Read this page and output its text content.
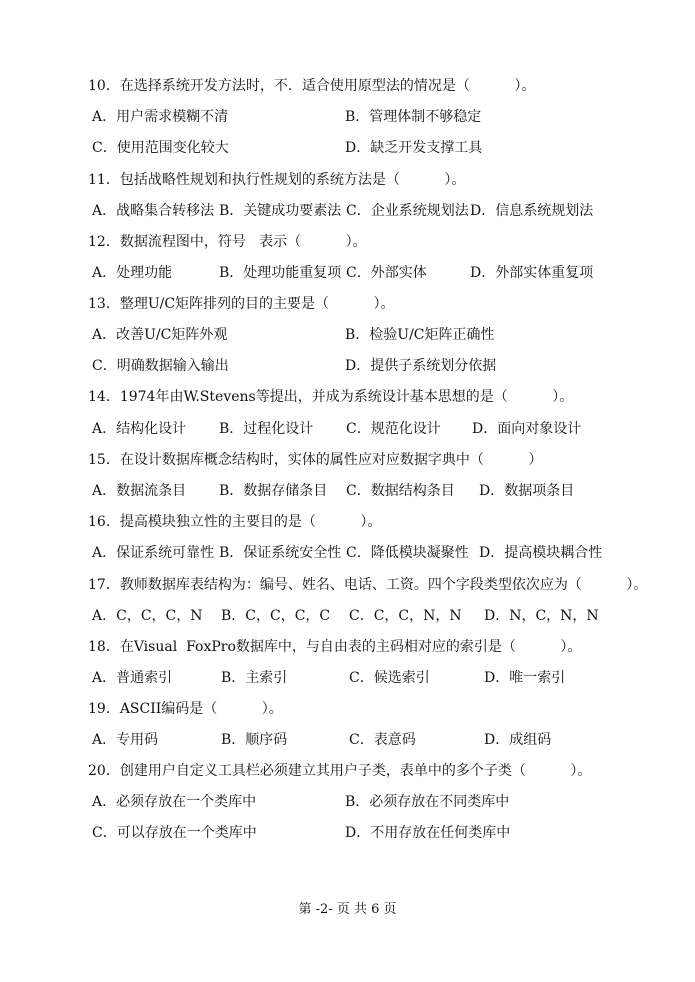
10．在选择系统开发方法时，不．适合使用原型法的情况是（          ）。
A．用户需求模糊不清	B．管理体制不够稳定
C．使用范围变化较大	D．缺乏开发支撑工具
11．包括战略性规划和执行性规划的系统方法是（          ）。
A．战略集合转移法 B．关键成功要素法 C．企业系统规划法 D．信息系统规划法
12．数据流程图中，符号   表示（          ）。
A．处理功能	B．处理功能重复项 C．外部实体	D．外部实体重复项
13．整理U/C矩阵排列的目的主要是（          ）。
A．改善U/C矩阵外观	B．检验U/C矩阵正确性
C．明确数据输入输出	D．提供子系统划分依据
14．1974年由W.Stevens等提出，并成为系统设计基本思想的是（          ）。
A．结构化设计 B．过程化设计 C．规范化设计 D．面向对象设计
15．在设计数据库概念结构时，实体的属性应对应数据字典中（          ）
A．数据流条目 B．数据存储条目 C．数据结构条目 D．数据项条目
16．提高模块独立性的主要目的是（          ）。
A．保证系统可靠性 B．保证系统安全性 C．降低模块凝聚性 D．提高模块耦合性
17．教师数据库表结构为：编号、姓名、电话、工资。四个字段类型依次应为（          ）。
A．C，C，C，N B．C，C，C，C C．C，C，N，N D．N，C，N，N
18．在Visual  FoxPro数据库中，与自由表的主码相对应的索引是（          ）。
A．普通索引	B．主索引	C．候选索引	D．唯一索引
19．ASCII编码是（          ）。
A．专用码	B．顺序码	C．表意码	D．成组码
20．创建用户自定义工具栏必须建立其用户子类，表单中的多个子类（          ）。
A．必须存放在一个类库中	B．必须存放在不同类库中
C．可以存放在一个类库中	D．不用存放在任何类库中
第 -2- 页 共 6 页
